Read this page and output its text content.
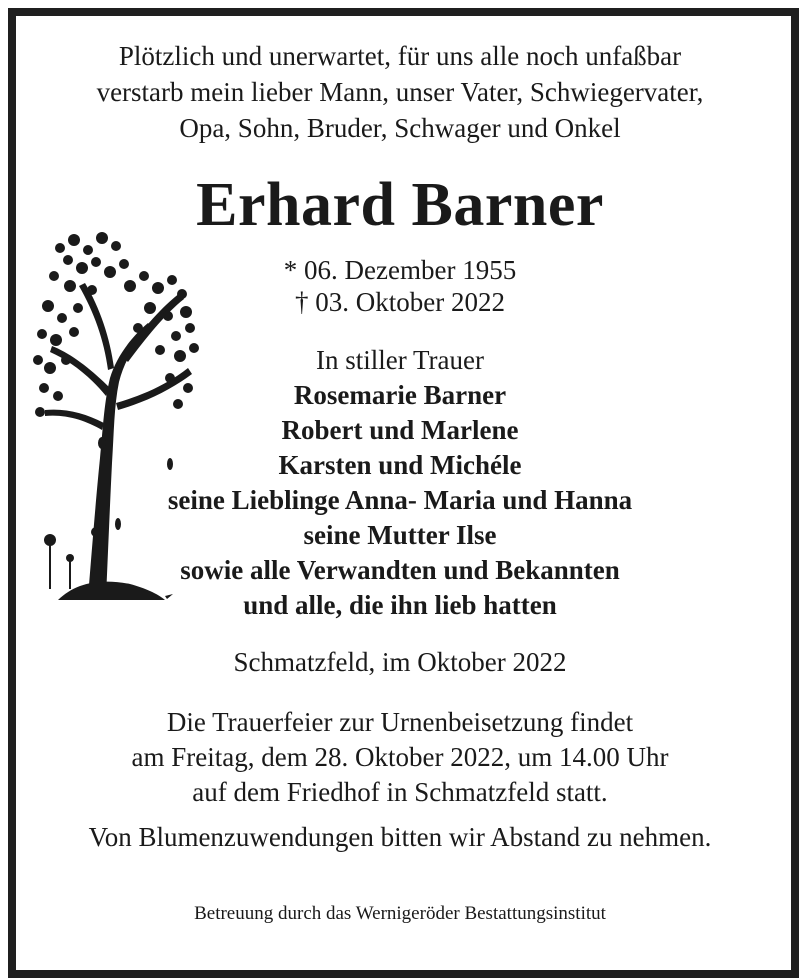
Plötzlich und unerwartet, für uns alle noch unfaßbar
verstarb mein lieber Mann, unser Vater, Schwiegervater,
Opa, Sohn, Bruder, Schwager und Onkel
Erhard Barner
* 06. Dezember 1955
† 03. Oktober 2022
In stiller Trauer
Rosemarie Barner
Robert und Marlene
Karsten und Michéle
seine Lieblinge Anna- Maria und Hanna
seine Mutter Ilse
sowie alle Verwandten und Bekannten
und alle, die ihn lieb hatten
Schmatzfeld, im Oktober 2022
Die Trauerfeier zur Urnenbeisetzung findet
am Freitag, dem 28. Oktober 2022, um 14.00 Uhr
auf dem Friedhof in Schmatzfeld statt.
Von Blumenzuwendungen bitten wir Abstand zu nehmen.
Betreuung durch das Wernigeröder Bestattungsinstitut
